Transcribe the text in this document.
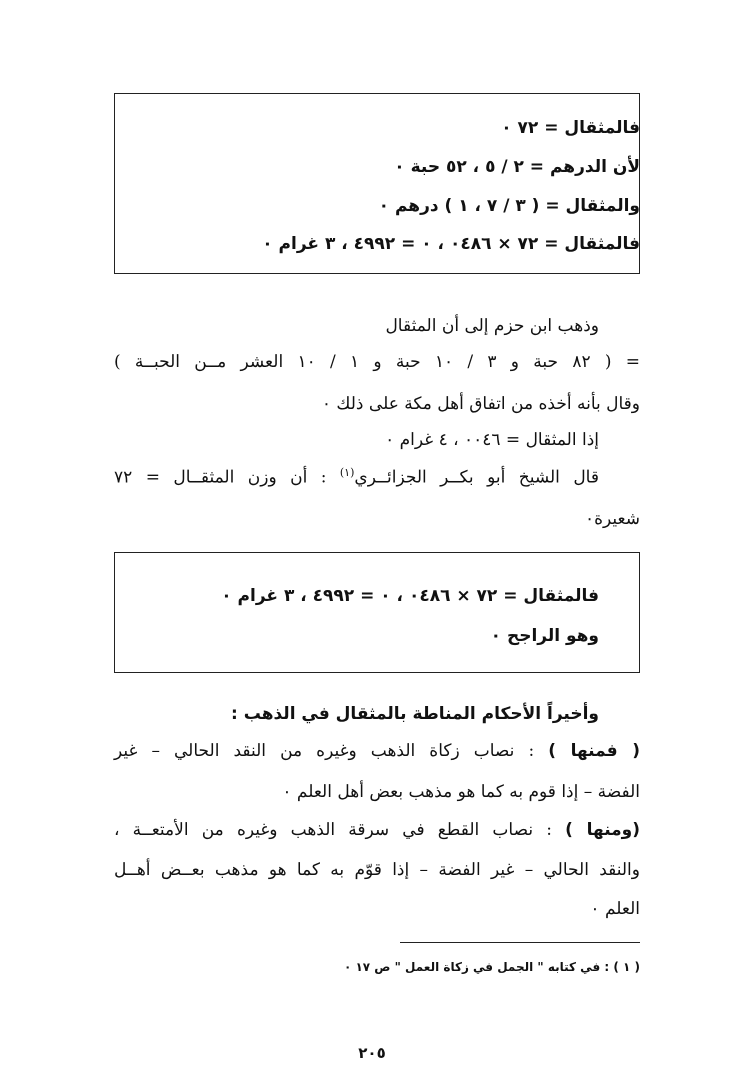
فالمثقال = ٧٢ ٠
لأن الدرهم = ٢ / ٥ ، ٥٢ حبة ٠
والمثقال = ( ٣ / ٧ ، ١ ) درهم ٠
فالمثقال = ٧٢ × ٠٤٨٦ ، ٠ = ٤٩٩٢ ، ٣ غرام ٠
وذهب ابن حزم إلى أن المثقال
= ( ٨٢ حبة و ٣ / ١٠ حبة و ١ / ١٠ العشر مــن الحبــة )
وقال بأنه أخذه من اتفاق أهل مكة على ذلك ٠
إذا المثقال = ٠٠٤٦ ، ٤ غرام ٠
قال الشيخ أبو بكــر الجزائــري$^{(١)}$ : أن وزن المثقــال = ٧٢
شعيرة٠
فالمثقال = ٧٢ × ٠٤٨٦ ، ٠ = ٤٩٩٢ ، ٣ غرام ٠
وهو الراجح ٠
وأخيراً الأحكام المناطة بالمثقال في الذهب :
( فمنها ) : نصاب زكاة الذهب وغيره من النقد الحالي – غير
الفضة – إذا قوم به كما هو مذهب بعض أهل العلم ٠
(ومنها ) : نصاب القطع في سرقة الذهب وغيره من الأمتعــة ،
والنقد الحالي – غير الفضة – إذا قوّم به كما هو مذهب بعــض أهــل
العلم ٠
( ١ ) : في كتابه " الجمل في زكاة العمل " ص ١٧ ٠
٢٠٥
